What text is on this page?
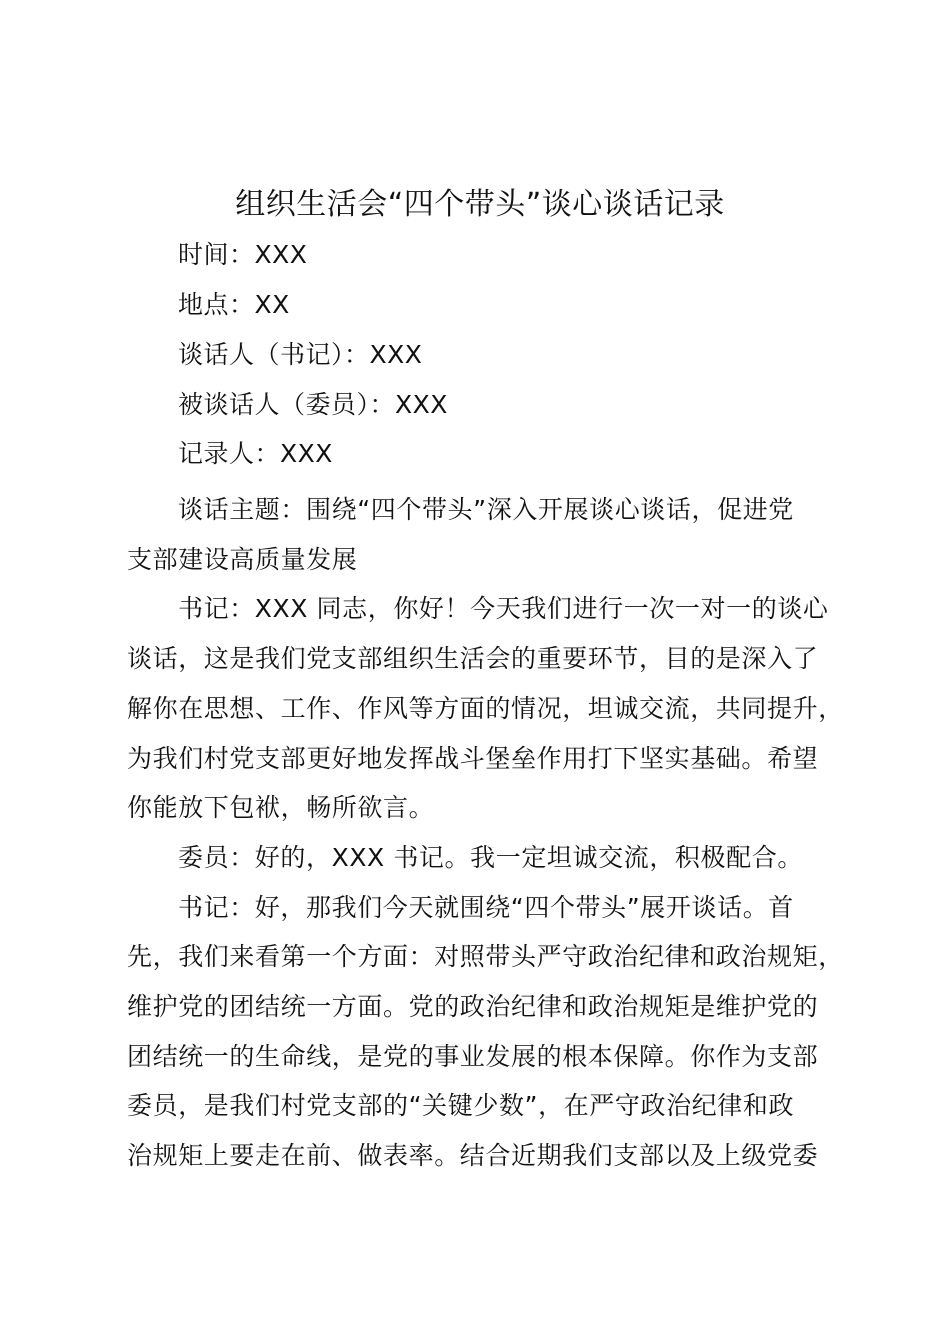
组织生活会“四个带头”谈心谈话记录
时间：XXX
地点：XX
谈话人（书记）：XXX
被谈话人（委员）：XXX
记录人：XXX

谈话主题：围绕“四个带头”深入开展谈心谈话，促进党
支部建设高质量发展

书记：XXX 同志，你好！今天我们进行一次一对一的谈心
谈话，这是我们党支部组织生活会的重要环节，目的是深入了
解你在思想、工作、作风等方面的情况，坦诚交流，共同提升，
为我们村党支部更好地发挥战斗堡垒作用打下坚实基础。希望
你能放下包袱，畅所欲言。

委员：好的，XXX 书记。我一定坦诚交流，积极配合。

书记：好，那我们今天就围绕“四个带头”展开谈话。首
先，我们来看第一个方面：对照带头严守政治纪律和政治规矩，
维护党的团结统一方面。党的政治纪律和政治规矩是维护党的
团结统一的生命线，是党的事业发展的根本保障。你作为支部
委员，是我们村党支部的“关键少数”，在严守政治纪律和政
治规矩上要走在前、做表率。结合近期我们支部以及上级党委
